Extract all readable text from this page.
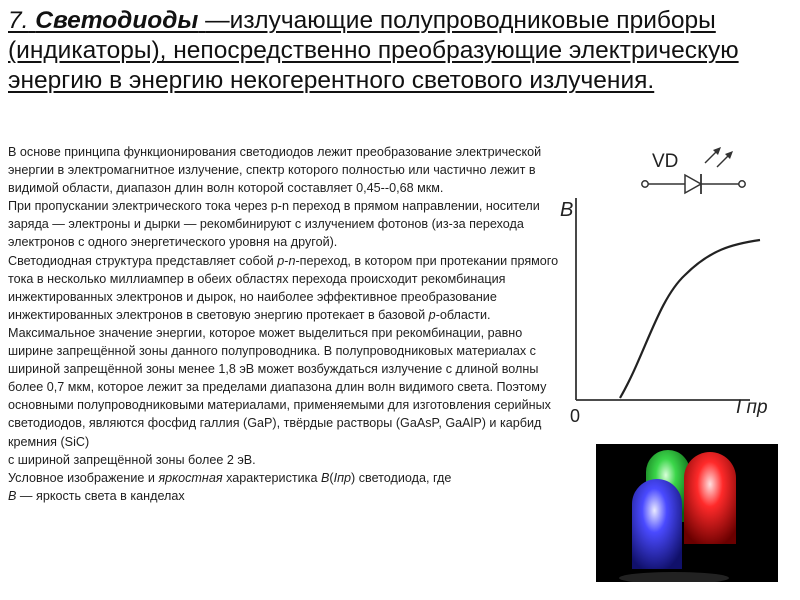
7. Светодиоды —излучающие полупроводниковые приборы (индикаторы), непосредственно преобразующие электрическую энергию в энергию некогерентного светового излучения.

В основе принципа функционирования светодиодов лежит преобразование электрической энергии в электромагнитное излучение, спектр которого полностью или частично лежит в видимой области, диапазон длин волн которой составляет 0,45--0,68 мкм.

При пропускании электрического тока через p-n переход в прямом направлении, носители заряда — электроны и дырки — рекомбинируют с излучением фотонов (из-за перехода электронов с одного энергетического уровня на другой).

Светодиодная структура представляет собой p-n-переход, в котором при протекании прямого тока в несколько миллиампер в обеих областях перехода происходит рекомбинация инжектированных электронов и дырок, но наиболее эффективное преобразование инжектированных электронов в световую энергию протекает в базовой p-области.

Максимальное значение энергии, которое может выделиться при рекомбинации, равно ширине запрещённой зоны данного полупроводника. В полупроводниковых материалах с шириной запрещённой зоны менее 1,8 эВ может возбуждаться излучение с длиной волны более 0,7 мкм, которое лежит за пределами диапазона длин волн видимого света. Поэтому основными полупроводниковыми материалами, применяемыми для изготовления серийных светодиодов, являются фосфид галлия (GaP), твёрдые растворы (GaAsP, GaAlP) и карбид кремния (SiC)

с шириной запрещённой зоны более 2 эВ.

Условное изображение и яркостная характеристика B(Iпр) светодиода, где
B — яркость света в канделах

VD
B
0	I пр
